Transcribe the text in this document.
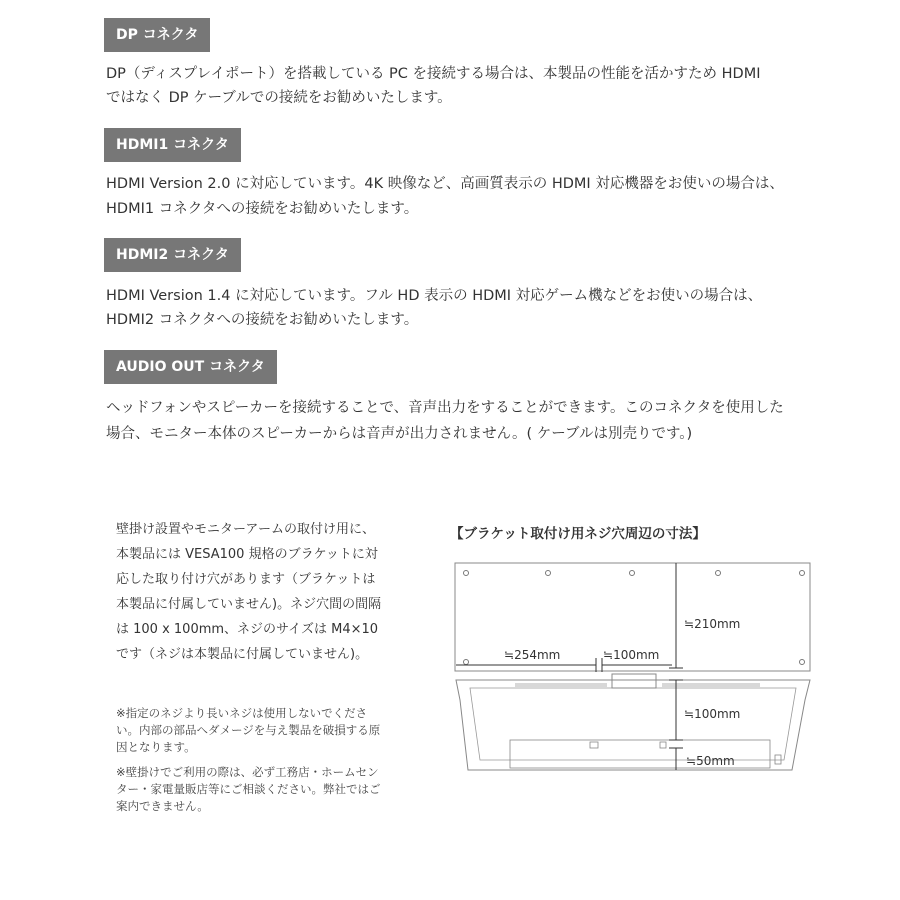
DP コネクタ
DP（ディスプレイポート）を搭載している PC を接続する場合は、本製品の性能を活かすため HDMI
ではなく DP ケーブルでの接続をお勧めいたします。
HDMI1 コネクタ
HDMI Version 2.0 に対応しています。4K 映像など、高画質表示の HDMI 対応機器をお使いの場合は、
HDMI1 コネクタへの接続をお勧めいたします。
HDMI2 コネクタ
HDMI Version 1.4 に対応しています。フル HD 表示の HDMI 対応ゲーム機などをお使いの場合は、
HDMI2 コネクタへの接続をお勧めいたします。
AUDIO OUT コネクタ
ヘッドフォンやスピーカーを接続することで、音声出力をすることができます。このコネクタを使用した
場合、モニター本体のスピーカーからは音声が出力されません。( ケーブルは別売りです。)
壁掛け設置やモニターアームの取付け用に、
本製品には VESA100 規格のブラケットに対
応した取り付け穴があります（ブラケットは
本製品に付属していません)。ネジ穴間の間隔
は 100 x 100mm、ネジのサイズは M4×10
です（ネジは本製品に付属していません)。
※指定のネジより長いネジは使用しないでくださ
い。内部の部品へダメージを与え製品を破損する原
因となります。
※壁掛けでご利用の際は、必ず工務店・ホームセン
ター・家電量販店等にご相談ください。弊社ではご
案内できません。
【ブラケット取付け用ネジ穴周辺の寸法】
≒210mm
≒254mm	≒100mm
≒100mm
≒50mm
